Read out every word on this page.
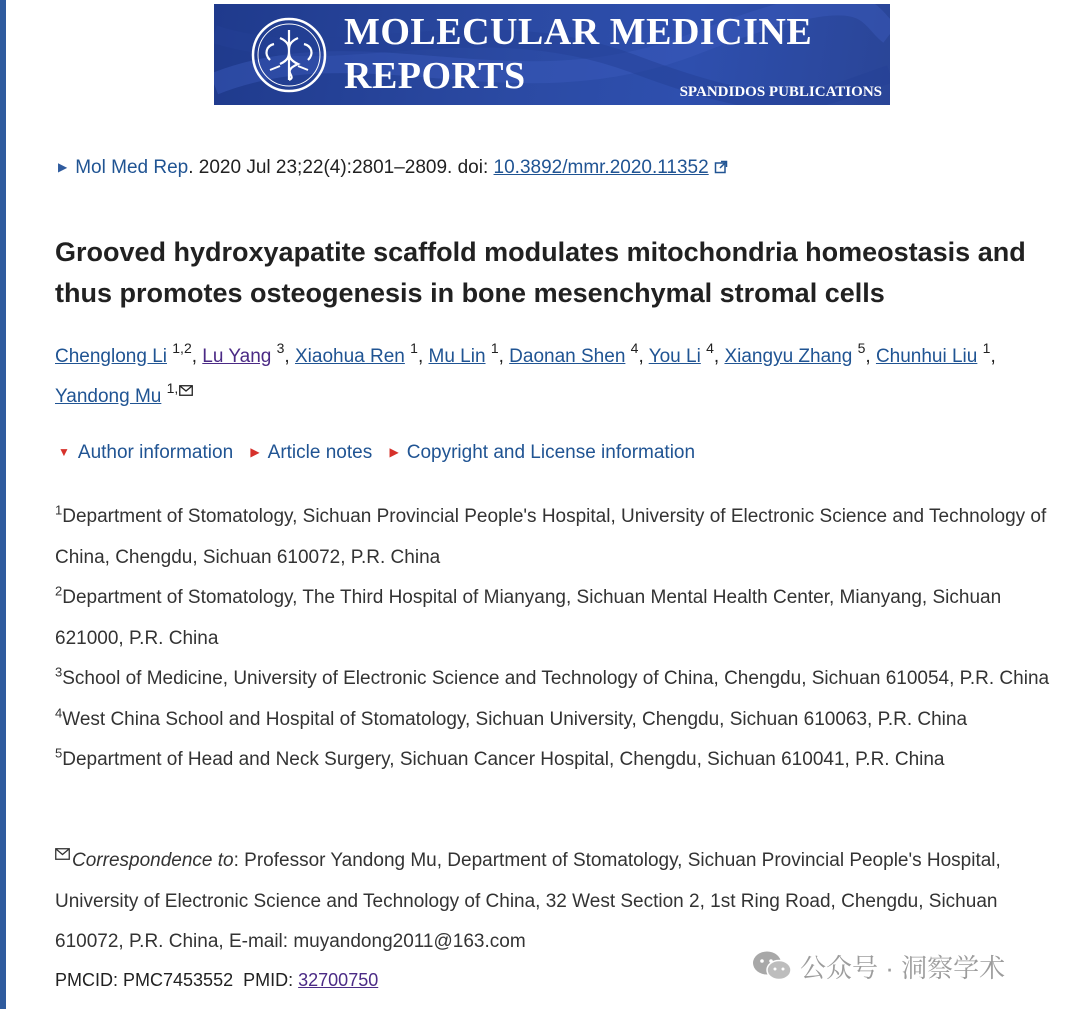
MOLECULAR MEDICINE
REPORTS	SPANDIDOS PUBLICATIONS
▶ Mol Med Rep. 2020 Jul 23;22(4):2801–2809. doi: 10.3892/mmr.2020.11352
Grooved hydroxyapatite scaffold modulates mitochondria homeostasis and thus promotes osteogenesis in bone mesenchymal stromal cells
Chenglong Li $^{1,2}$, Lu Yang $^3$, Xiaohua Ren $^1$, Mu Lin $^1$, Daonan Shen $^4$, You Li $^4$, Xiangyu Zhang $^5$, Chunhui Liu $^1$,
Yandong Mu $^{1,}$
▼ Author information ▶ Article notes ▶ Copyright and License information
$^1$Department of Stomatology, Sichuan Provincial People's Hospital, University of Electronic Science and Technology of China, Chengdu, Sichuan 610072, P.R. China
$^2$Department of Stomatology, The Third Hospital of Mianyang, Sichuan Mental Health Center, Mianyang, Sichuan 621000, P.R. China
$^3$School of Medicine, University of Electronic Science and Technology of China, Chengdu, Sichuan 610054, P.R. China
$^4$West China School and Hospital of Stomatology, Sichuan University, Chengdu, Sichuan 610063, P.R. China
$^5$Department of Head and Neck Surgery, Sichuan Cancer Hospital, Chengdu, Sichuan 610041, P.R. China
Correspondence to: Professor Yandong Mu, Department of Stomatology, Sichuan Provincial People's Hospital, University of Electronic Science and Technology of China, 32 West Section 2, 1st Ring Road, Chengdu, Sichuan 610072, P.R. China, E-mail: muyandong2011@163.com
PMCID: PMC7453552 PMID: 32700750	公众号 · 洞察学术
